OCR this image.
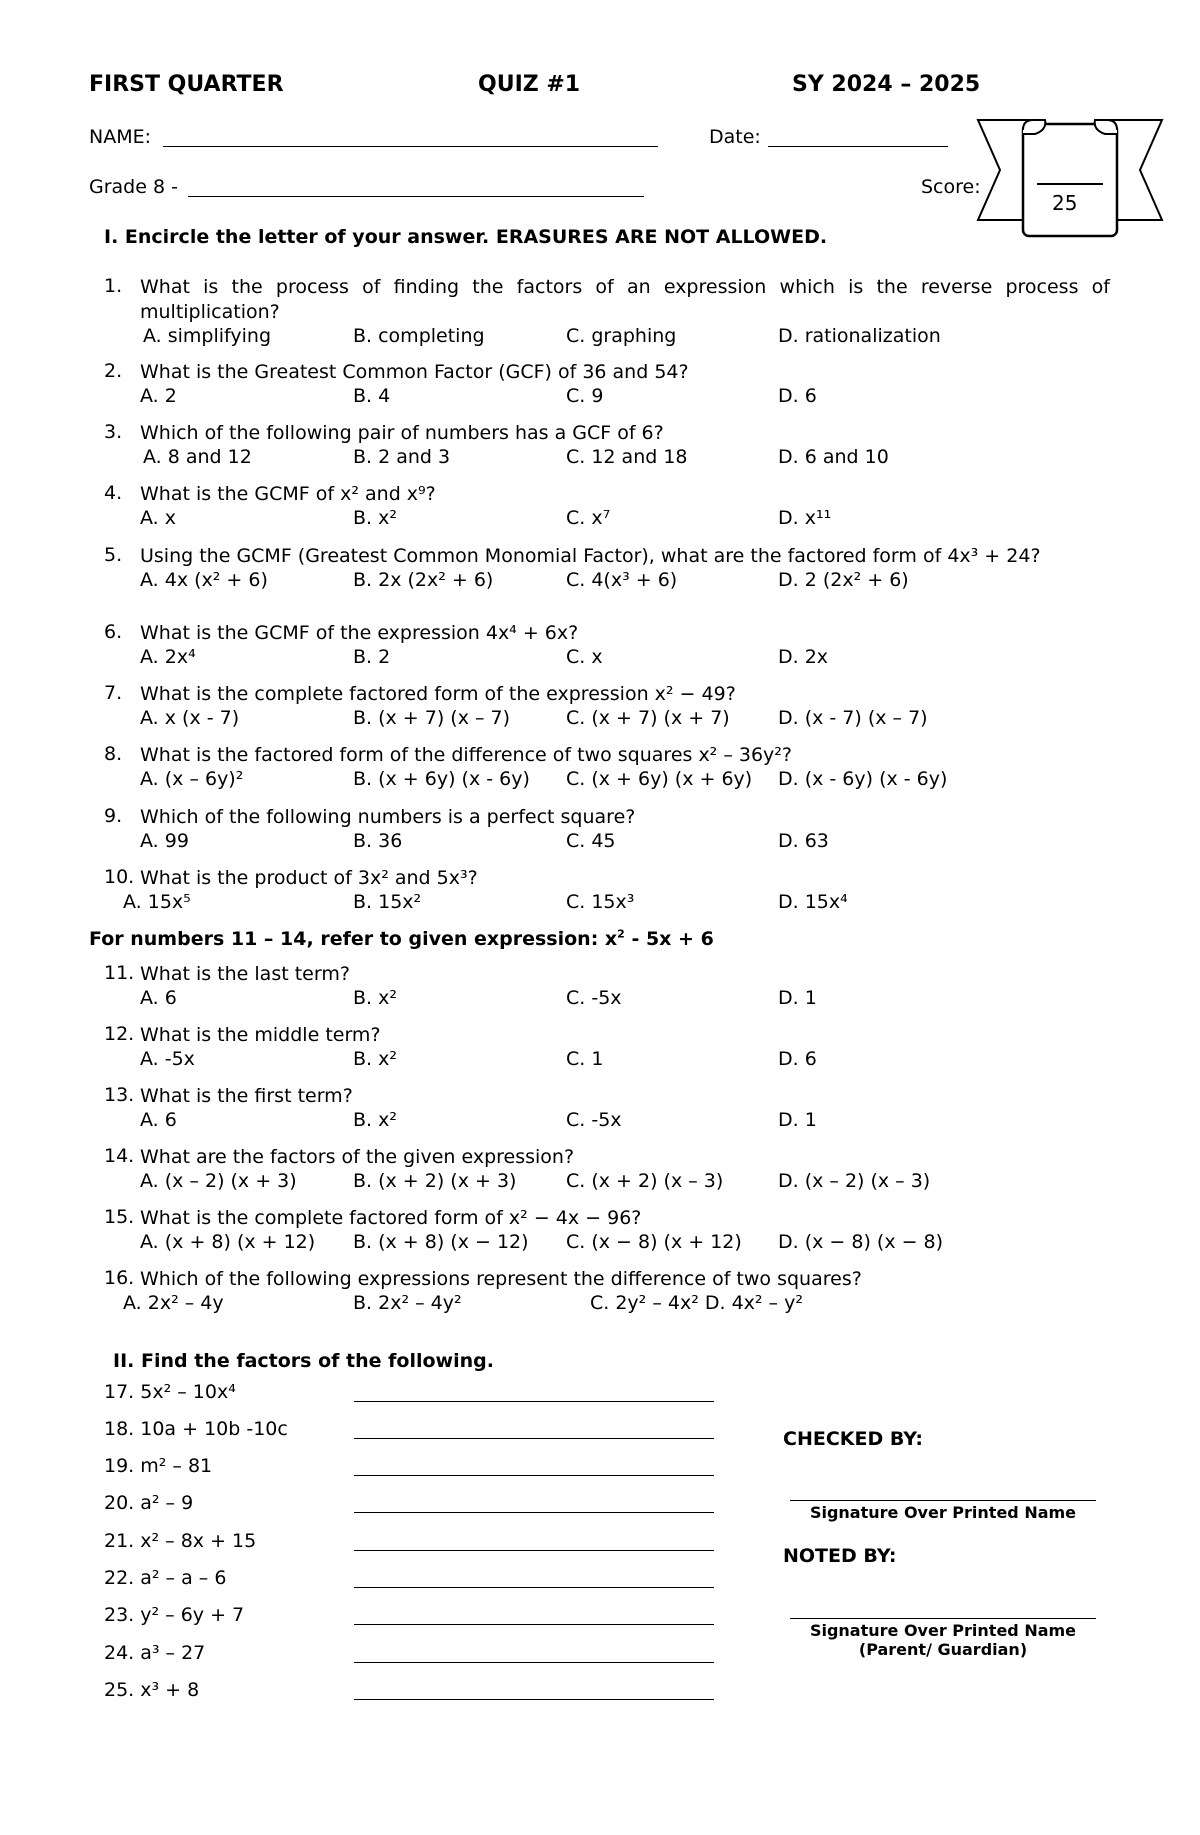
FIRST QUARTER	QUIZ #1	SY 2024 – 2025
NAME:	Date:
Grade 8 -	Score:
25
I. Encircle the letter of your answer. ERASURES ARE NOT ALLOWED.
1. What is the process of finding the factors of an expression which is the reverse process of multiplication?
A. simplifying	B. completing	C. graphing	D. rationalization
2. What is the Greatest Common Factor (GCF) of 36 and 54?
A. 2	B. 4	C. 9	D. 6
3. Which of the following pair of numbers has a GCF of 6?
A. 8 and 12	B. 2 and 3	C. 12 and 18	D. 6 and 10
4. What is the GCMF of x² and x⁹?
A. x	B. x²	C. x⁷	D. x¹¹
5. Using the GCMF (Greatest Common Monomial Factor), what are the factored form of 4x³ + 24?
A. 4x (x² + 6)	B. 2x (2x² + 6)	C. 4(x³ + 6)	D. 2 (2x² + 6)
6. What is the GCMF of the expression 4x⁴ + 6x?
A. 2x⁴	B. 2	C. x	D. 2x
7. What is the complete factored form of the expression x² − 49?
A. x (x - 7)	B. (x + 7) (x – 7)	C. (x + 7) (x + 7)	D. (x - 7) (x – 7)
8. What is the factored form of the difference of two squares x² – 36y²?
A. (x – 6y)²	B. (x + 6y) (x - 6y) C. (x + 6y) (x + 6y) D. (x - 6y) (x - 6y)
9. Which of the following numbers is a perfect square?
A. 99	B. 36	C. 45	D. 63
10. What is the product of 3x² and 5x³?
A. 15x⁵	B. 15x²	C. 15x³	D. 15x⁴
For numbers 11 – 14, refer to given expression: $x^2 - 5x + 6$
11. What is the last term?
A. 6	B. x²	C. -5x	D. 1
12. What is the middle term?
A. -5x	B. x²	C. 1	D. 6
13. What is the first term?
A. 6	B. x²	C. -5x	D. 1
14. What are the factors of the given expression?
A. (x – 2) (x + 3)	B. (x + 2) (x + 3)	C. (x + 2) (x – 3)	D. (x – 2) (x – 3)
15. What is the complete factored form of x² − 4x − 96?
A. (x + 8) (x + 12) B. (x + 8) (x − 12) C. (x − 8) (x + 12) D. (x − 8) (x − 8)
16. Which of the following expressions represent the difference of two squares?
A. 2x² – 4y	B. 2x² – 4y²	C. 2y² – 4x² D. 4x² – y²
II. Find the factors of the following.
17. 5x² – 10x⁴
18. 10a + 10b -10c
19. m² – 81
20. a² – 9
21. x² – 8x + 15
22. a² – a – 6
23. y² – 6y + 7
24. a³ – 27
25. x³ + 8
CHECKED BY:
Signature Over Printed Name
NOTED BY:
Signature Over Printed Name
(Parent/ Guardian)
